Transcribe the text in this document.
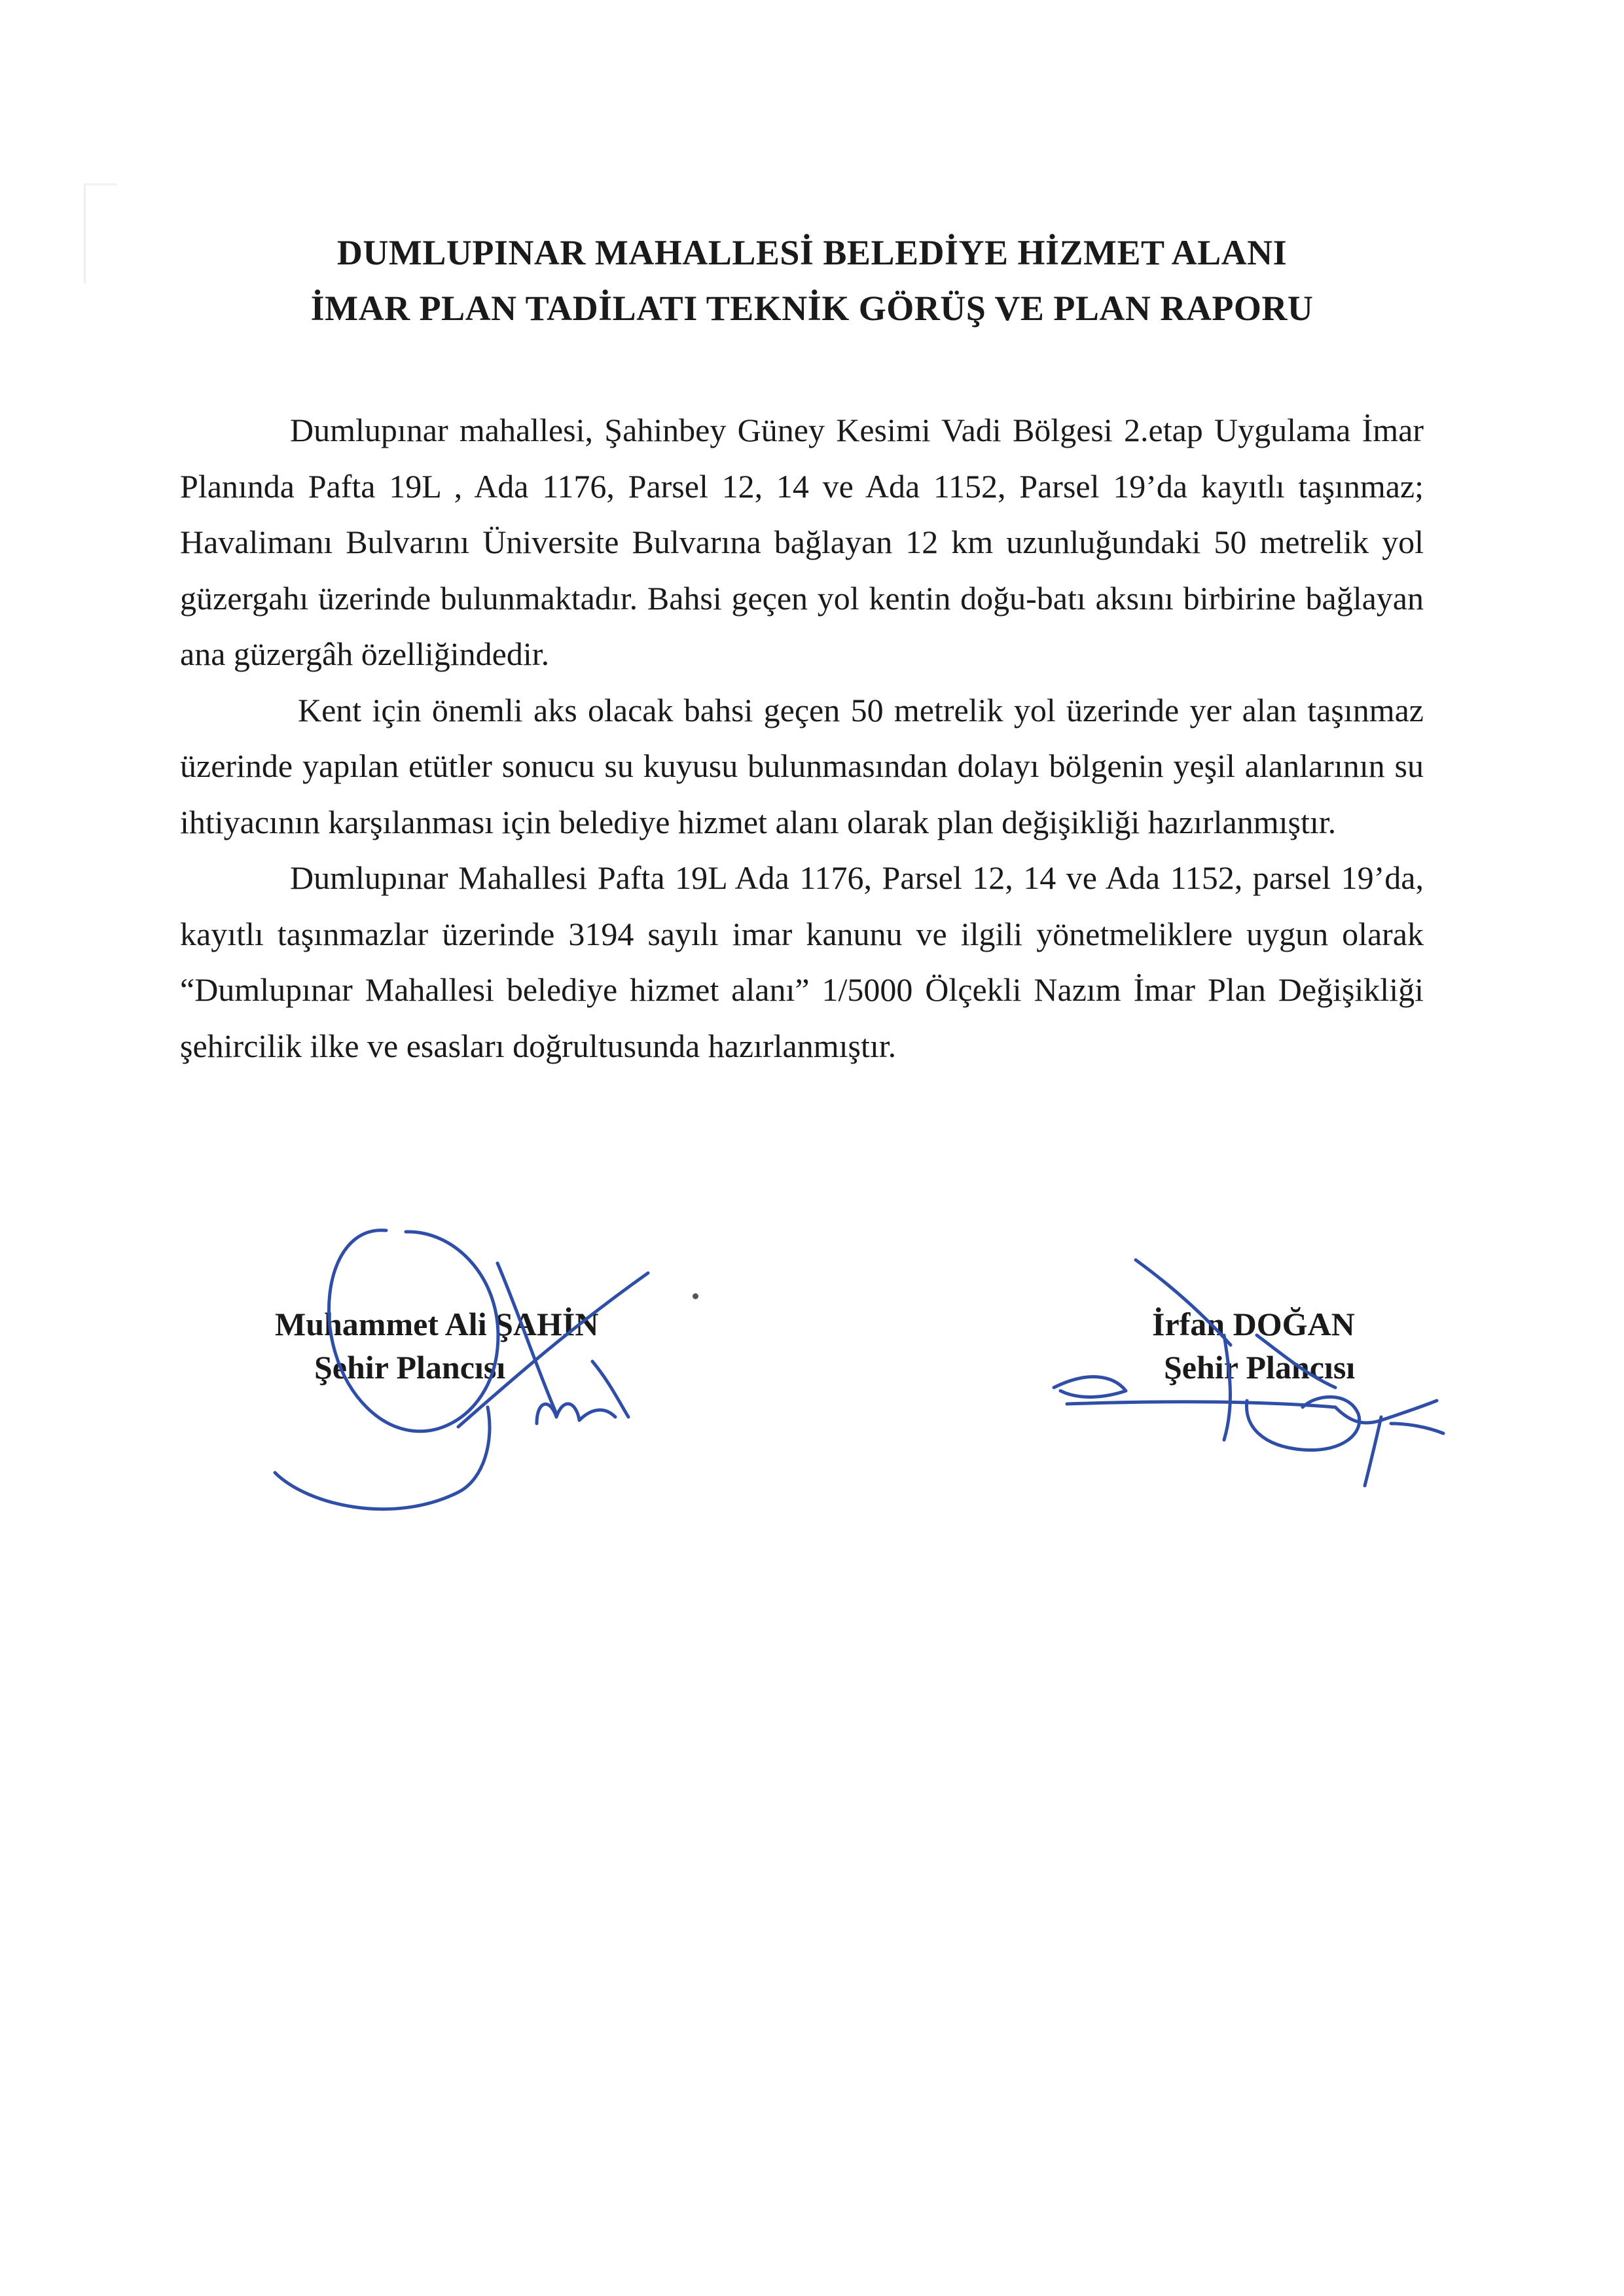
DUMLUPINAR MAHALLESİ BELEDİYE HİZMET ALANI
İMAR PLAN TADİLATI TEKNİK GÖRÜŞ VE PLAN RAPORU

Dumlupınar mahallesi, Şahinbey Güney Kesimi Vadi Bölgesi 2.etap Uygulama İmar Planında Pafta 19L , Ada 1176, Parsel 12, 14 ve Ada 1152, Parsel 19’da kayıtlı taşınmaz; Havalimanı Bulvarını Üniversite Bulvarına bağlayan 12 km uzunluğundaki 50 metrelik yol güzergahı üzerinde bulunmaktadır. Bahsi geçen yol kentin doğu-batı aksını birbirine bağlayan ana güzergâh özelliğindedir.

Kent için önemli aks olacak bahsi geçen 50 metrelik yol üzerinde yer alan taşınmaz üzerinde yapılan etütler sonucu su kuyusu bulunmasından dolayı bölgenin yeşil alanlarının su ihtiyacının karşılanması için belediye hizmet alanı olarak plan değişikliği hazırlanmıştır.

Dumlupınar Mahallesi Pafta 19L Ada 1176, Parsel 12, 14 ve Ada 1152, parsel 19’da, kayıtlı taşınmazlar üzerinde 3194 sayılı imar kanunu ve ilgili yönetmeliklere uygun olarak “Dumlupınar Mahallesi belediye hizmet alanı” 1/5000 Ölçekli Nazım İmar Plan Değişikliği şehircilik ilke ve esasları doğrultusunda hazırlanmıştır.

Muhammet Ali ŞAHİN
Şehir Plancısı
İrfan DOĞAN
Şehir Plancısı
